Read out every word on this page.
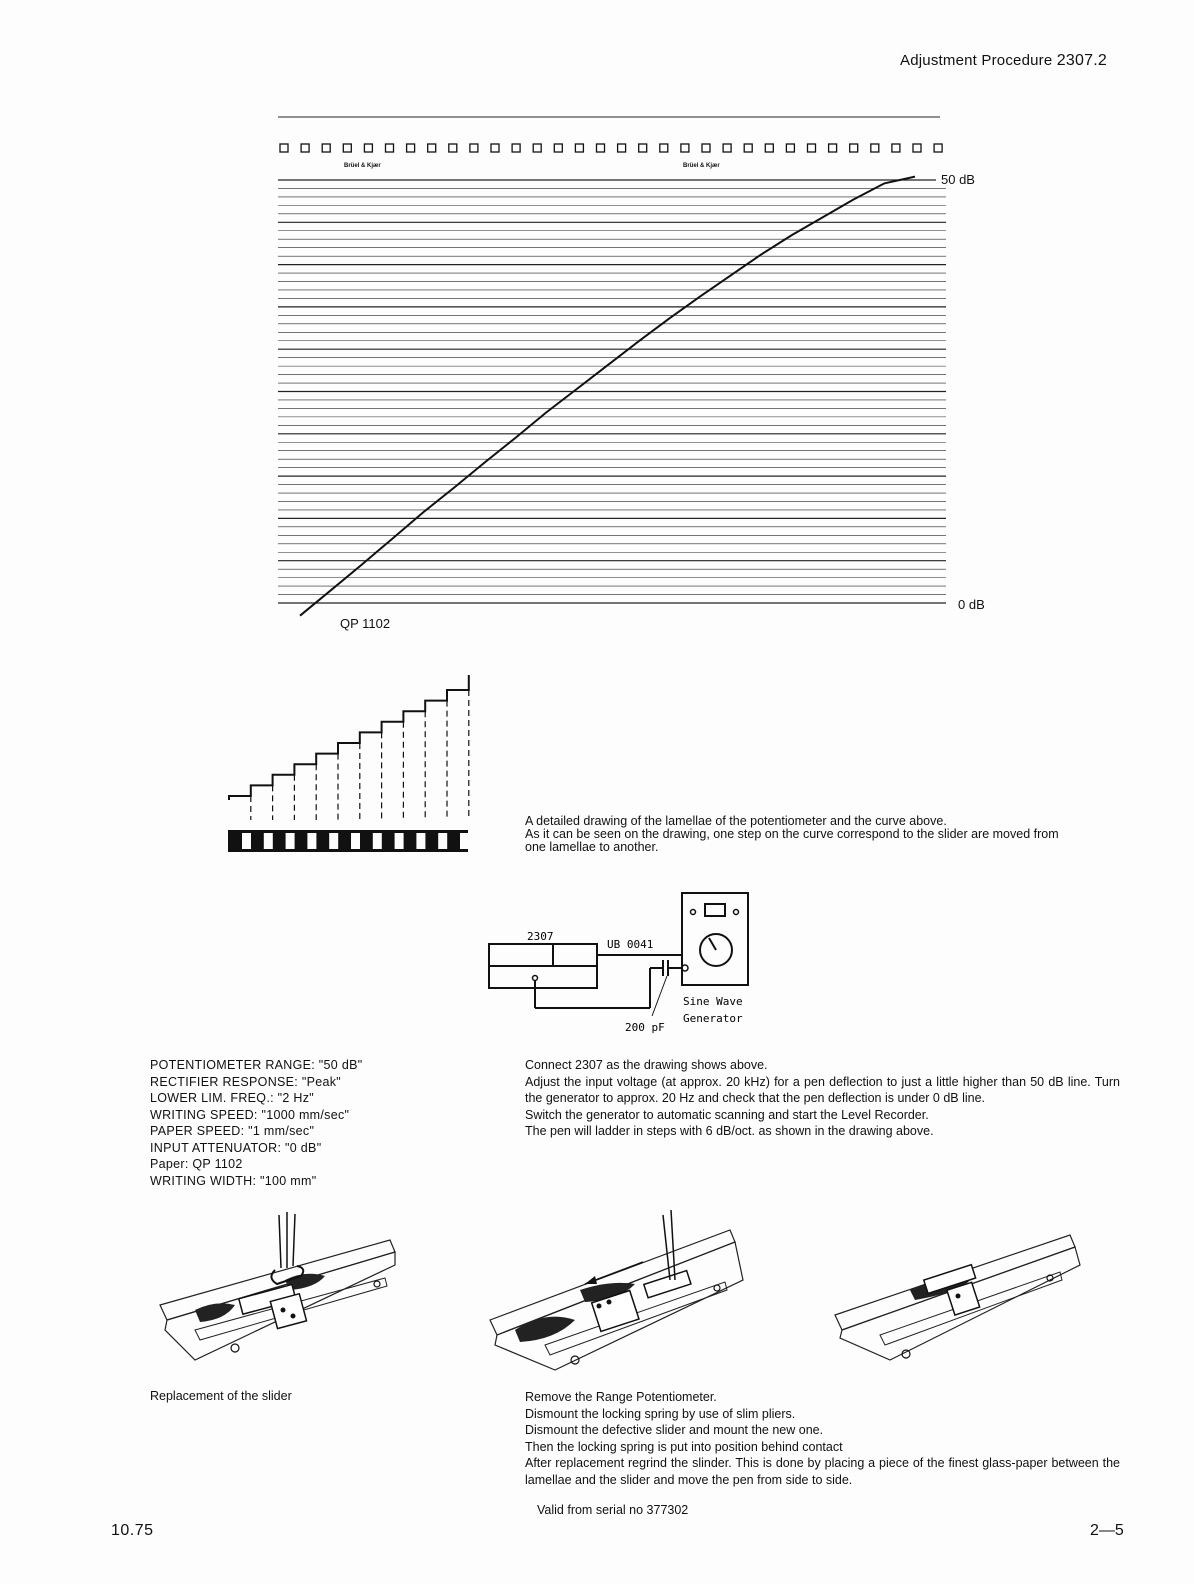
Adjustment Procedure 2307.2
Brüel & Kjær	Brüel & Kjær
50 dB
0 dB
QP 1102
A detailed drawing of the lamellae of the potentiometer and the curve above.
As it can be seen on the drawing, one step on the curve correspond to the slider are moved from
one lamellae to another.
2307
UB 0041
200 pF
Sine Wave
Generator
POTENTIOMETER RANGE: "50 dB"
RECTIFIER RESPONSE: "Peak"
LOWER LIM. FREQ.: "2 Hz"
WRITING SPEED: "1000 mm/sec"
PAPER SPEED: "1 mm/sec"
INPUT ATTENUATOR: "0 dB"
Paper: QP 1102
WRITING WIDTH: "100 mm"
Connect 2307 as the drawing shows above.
Adjust the input voltage (at approx. 20 kHz) for a pen deflection to just a little higher than 50 dB line. Turn the generator to approx. 20 Hz and check that the pen deflection is under 0 dB line.
Switch the generator to automatic scanning and start the Level Recorder.
The pen will ladder in steps with 6 dB/oct. as shown in the drawing above.
Replacement of the slider	Remove the Range Potentiometer.
Dismount the locking spring by use of slim pliers.
Dismount the defective slider and mount the new one.
Then the locking spring is put into position behind contact
After replacement regrind the slinder. This is done by placing a piece of the finest glass-paper between the lamellae and the slider and move the pen from side to side.
Valid from serial no 377302
10.75	2—5
